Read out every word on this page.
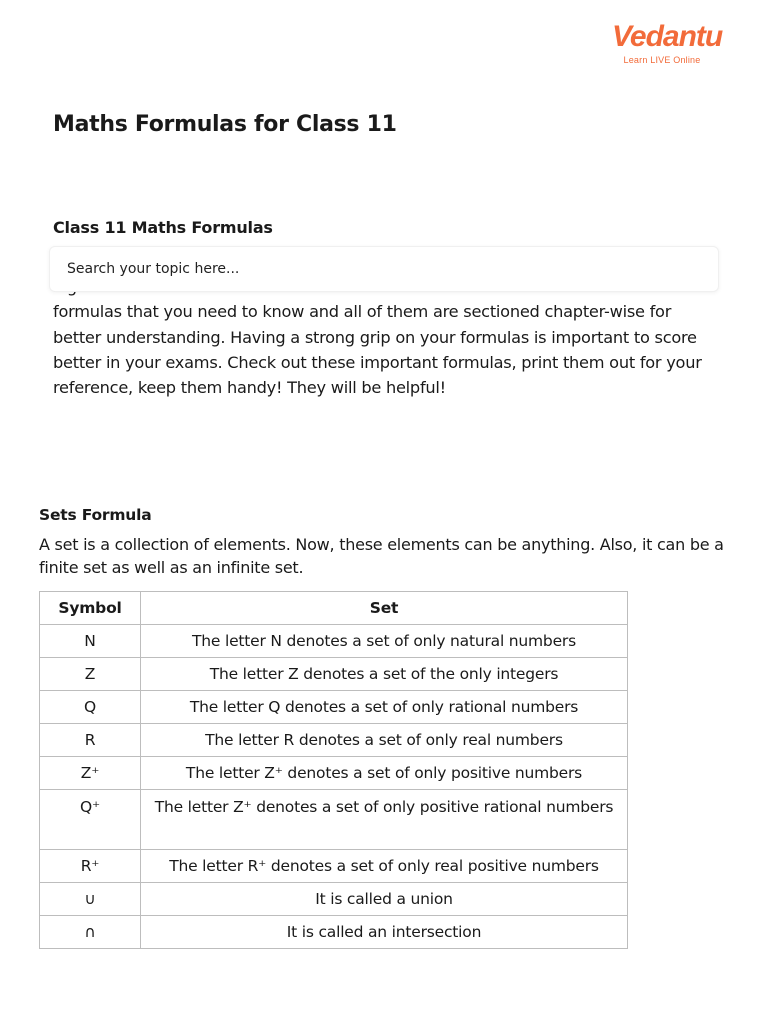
Vedantu
Learn LIVE Online
Maths Formulas for Class 11
Class 11 Maths Formulas

formulas that you need to know and all of them are sectioned chapter-wise for better understanding. Having a strong grip on your formulas is important to score better in your exams. Check out these important formulas, print them out for your reference, keep them handy! They will be helpful!

Search your topic here...
Sets Formula

A set is a collection of elements. Now, these elements can be anything. Also, it can be a finite set as well as an infinite set.

Symbol	Set
N	The letter N denotes a set of only natural numbers
Z	The letter Z denotes a set of the only integers
Q	The letter Q denotes a set of only rational numbers
R	The letter R denotes a set of only real numbers
Z⁺	The letter Z⁺ denotes a set of only positive numbers
Q⁺	The letter Z⁺ denotes a set of only positive rational numbers
R⁺	The letter R⁺ denotes a set of only real positive numbers
∪	It is called a union
∩	It is called an intersection
